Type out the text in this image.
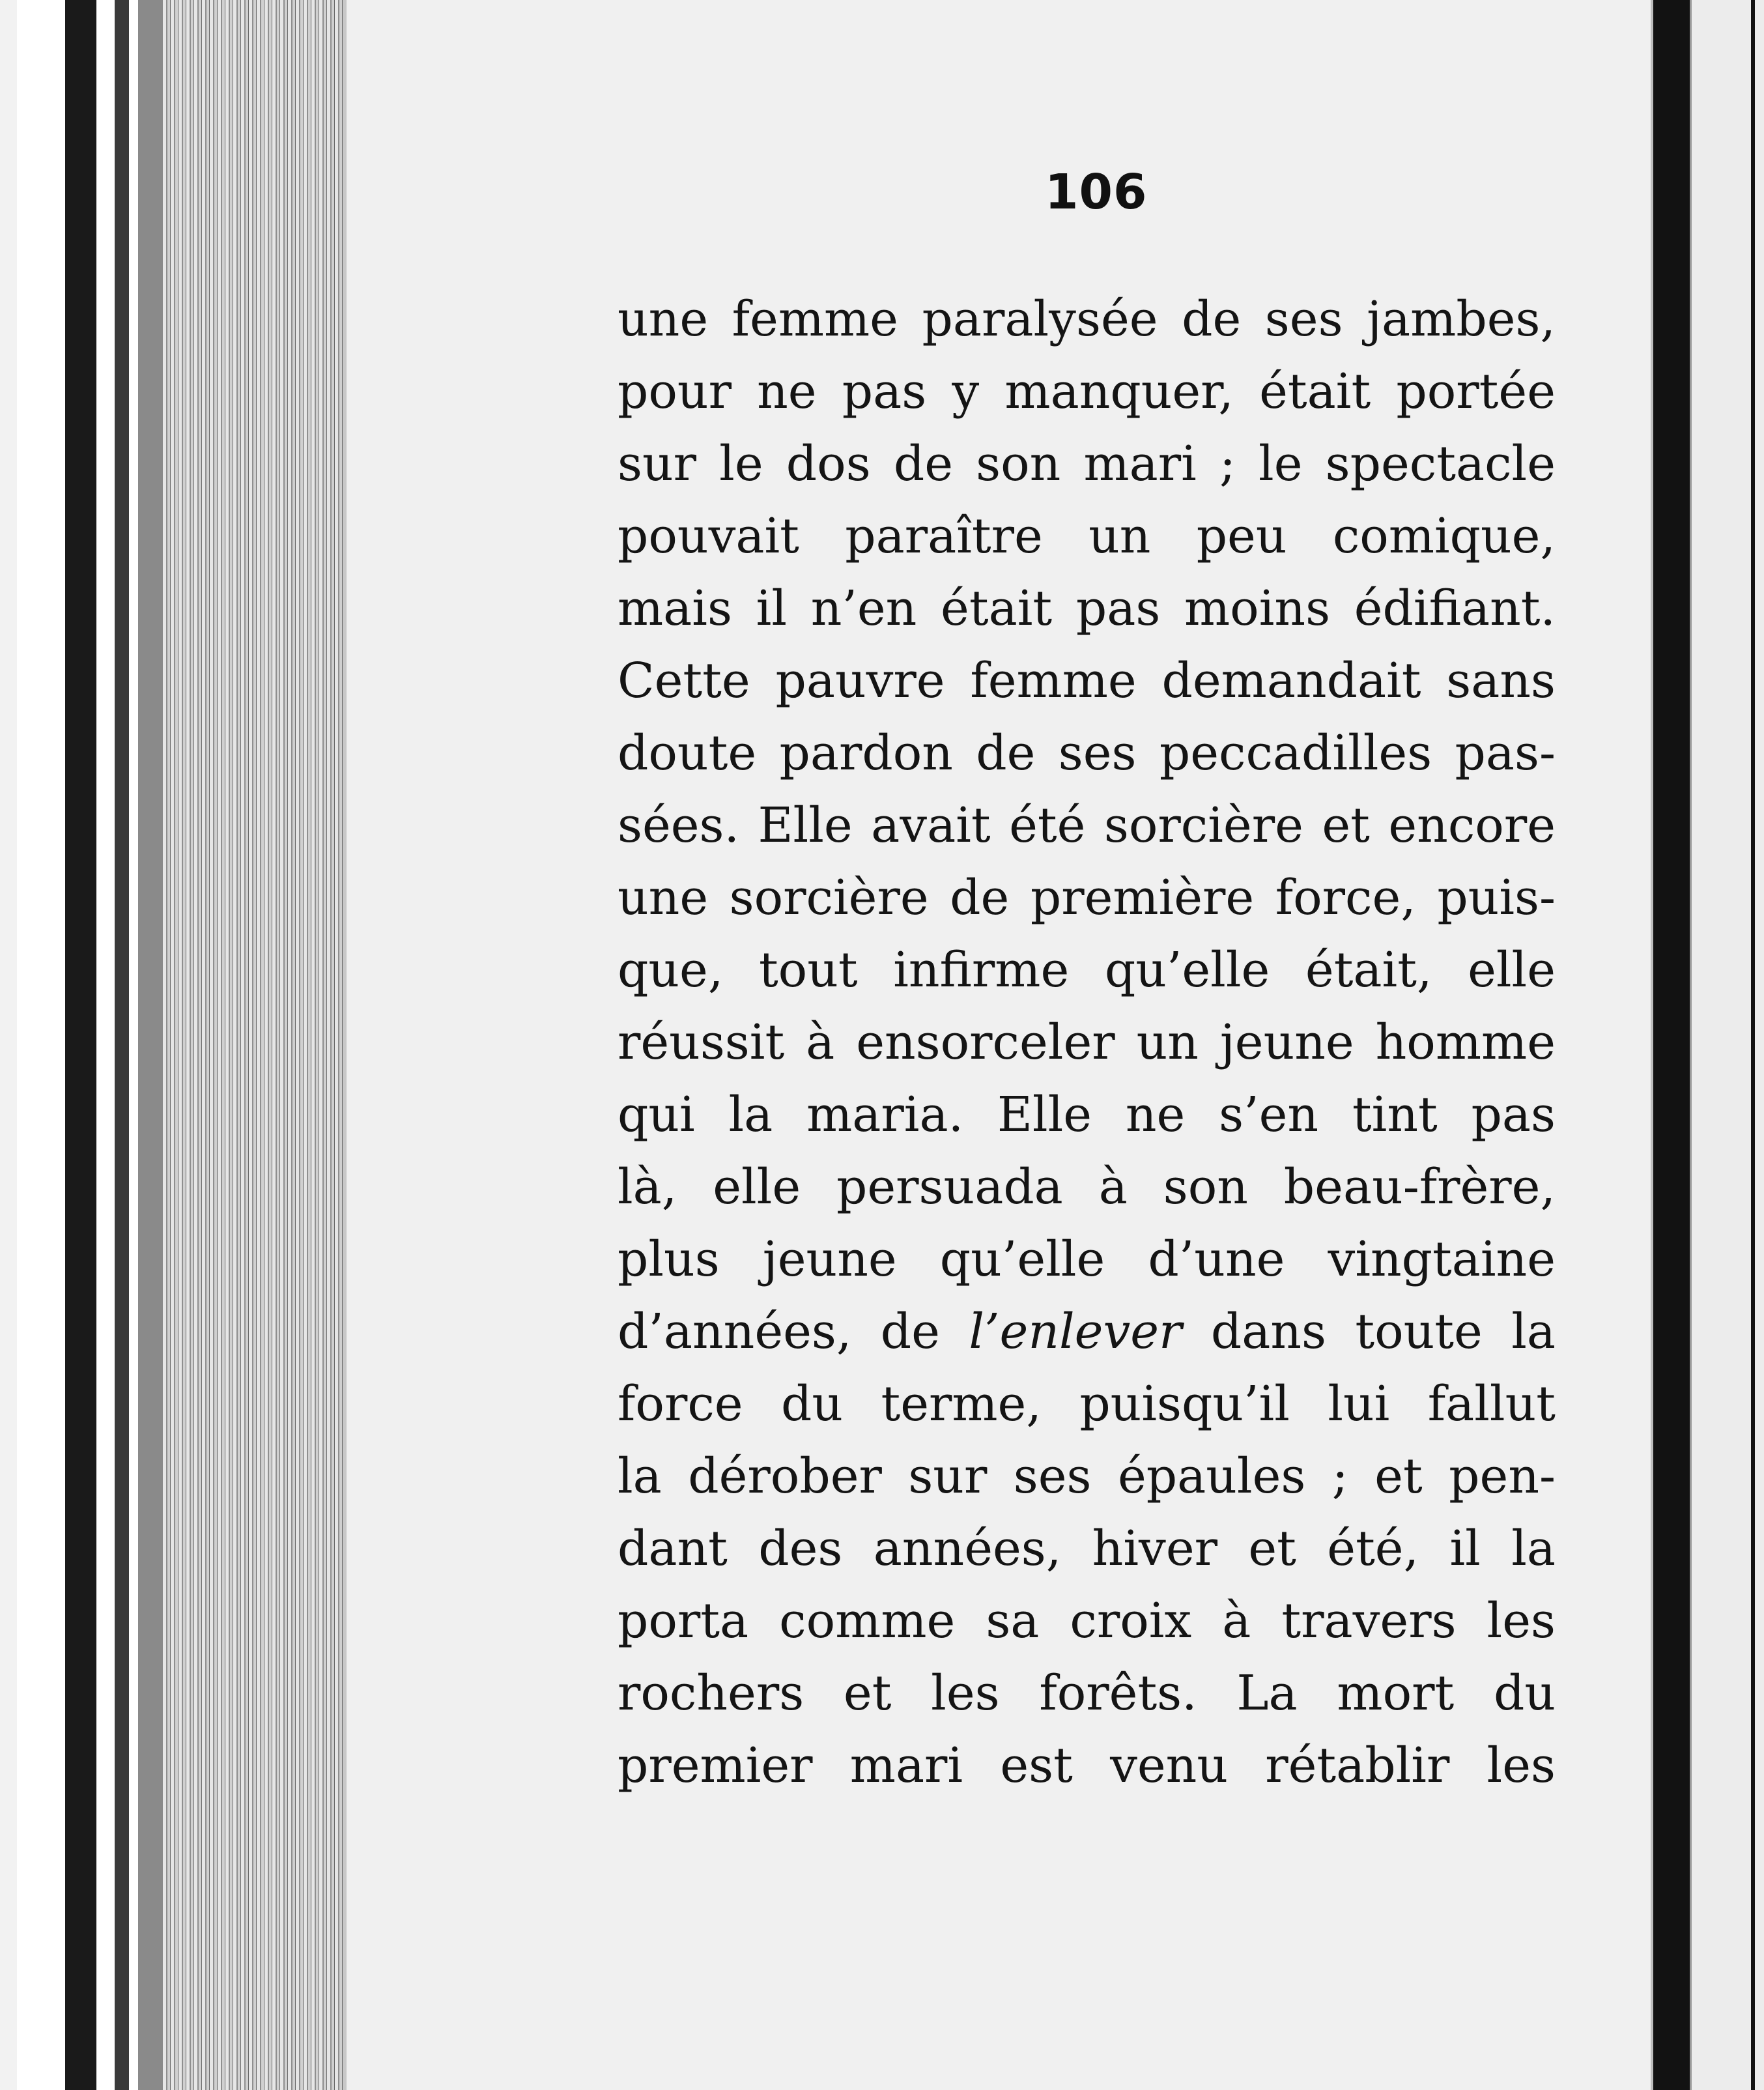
106
une femme paralysée de ses jambes,
pour ne pas y manquer, était portée
sur le dos de son mari ; le spectacle
pouvait paraître un peu comique,
mais il n’en était pas moins édifiant.
Cette pauvre femme demandait sans
doute pardon de ses peccadilles pas-
sées. Elle avait été sorcière et encore
une sorcière de première force, puis-
que, tout infirme qu’elle était, elle
réussit à ensorceler un jeune homme
qui la maria. Elle ne s’en tint pas
là, elle persuada à son beau-frère,
plus jeune qu’elle d’une vingtaine
d’années, de l’enlever dans toute la
force du terme, puisqu’il lui fallut
la dérober sur ses épaules ; et pen-
dant des années, hiver et été, il la
porta comme sa croix à travers les
rochers et les forêts. La mort du
premier mari est venu rétablir les
